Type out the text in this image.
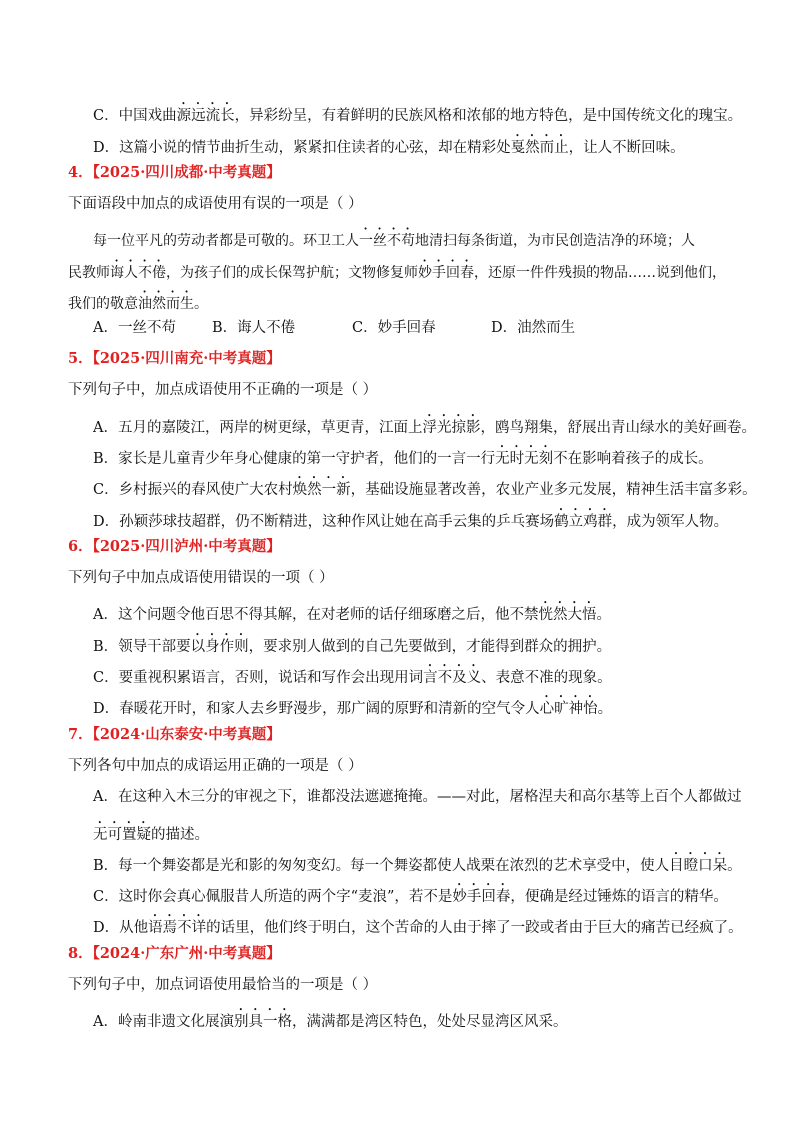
C．中国戏曲源远流长，异彩纷呈，有着鲜明的民族风格和浓郁的地方特色，是中国传统文化的瑰宝。
D．这篇小说的情节曲折生动，紧紧扣住读者的心弦，却在精彩处戛然而止，让人不断回味。
4．【2025·四川成都·中考真题】
下面语段中加点的成语使用有误的一项是（ ）
每一位平凡的劳动者都是可敬的。环卫工人一丝不苟地清扫每条街道，为市民创造洁净的环境；人
民教师诲人不倦，为孩子们的成长保驾护航；文物修复师妙手回春，还原一件件残损的物品……说到他们，
我们的敬意油然而生。
A．一丝不苟 B．诲人不倦	C．妙手回春	D．油然而生
5．【2025·四川南充·中考真题】
下列句子中，加点成语使用不正确的一项是（ ）
A．五月的嘉陵江，两岸的树更绿，草更青，江面上浮光掠影，鸥鸟翔集，舒展出青山绿水的美好画卷。
B．家长是儿童青少年身心健康的第一守护者，他们的一言一行无时无刻不在影响着孩子的成长。
C．乡村振兴的春风使广大农村焕然一新，基础设施显著改善，农业产业多元发展，精神生活丰富多彩。
D．孙颖莎球技超群，仍不断精进，这种作风让她在高手云集的乒乓赛场鹤立鸡群，成为领军人物。
6．【2025·四川泸州·中考真题】
下列句子中加点成语使用错误的一项（ ）
A．这个问题令他百思不得其解，在对老师的话仔细琢磨之后，他不禁恍然大悟。
B．领导干部要以身作则，要求别人做到的自己先要做到，才能得到群众的拥护。
C．要重视积累语言，否则，说话和写作会出现用词言不及义、表意不准的现象。
D．春暖花开时，和家人去乡野漫步，那广阔的原野和清新的空气令人心旷神怡。
7．【2024·山东泰安·中考真题】
下列各句中加点的成语运用正确的一项是（ ）
A．在这种入木三分的审视之下，谁都没法遮遮掩掩。——对此，屠格涅夫和高尔基等上百个人都做过
无可置疑的描述。
B．每一个舞姿都是光和影的匆匆变幻。每一个舞姿都使人战栗在浓烈的艺术享受中，使人目瞪口呆。
C．这时你会真心佩服昔人所造的两个字“麦浪”，若不是妙手回春，便确是经过锤炼的语言的精华。
D．从他语焉不详的话里，他们终于明白，这个苦命的人由于摔了一跤或者由于巨大的痛苦已经疯了。
8．【2024·广东广州·中考真题】
下列句子中，加点词语使用最恰当的一项是（ ）
A．岭南非遗文化展演别具一格，满满都是湾区特色，处处尽显湾区风采。
